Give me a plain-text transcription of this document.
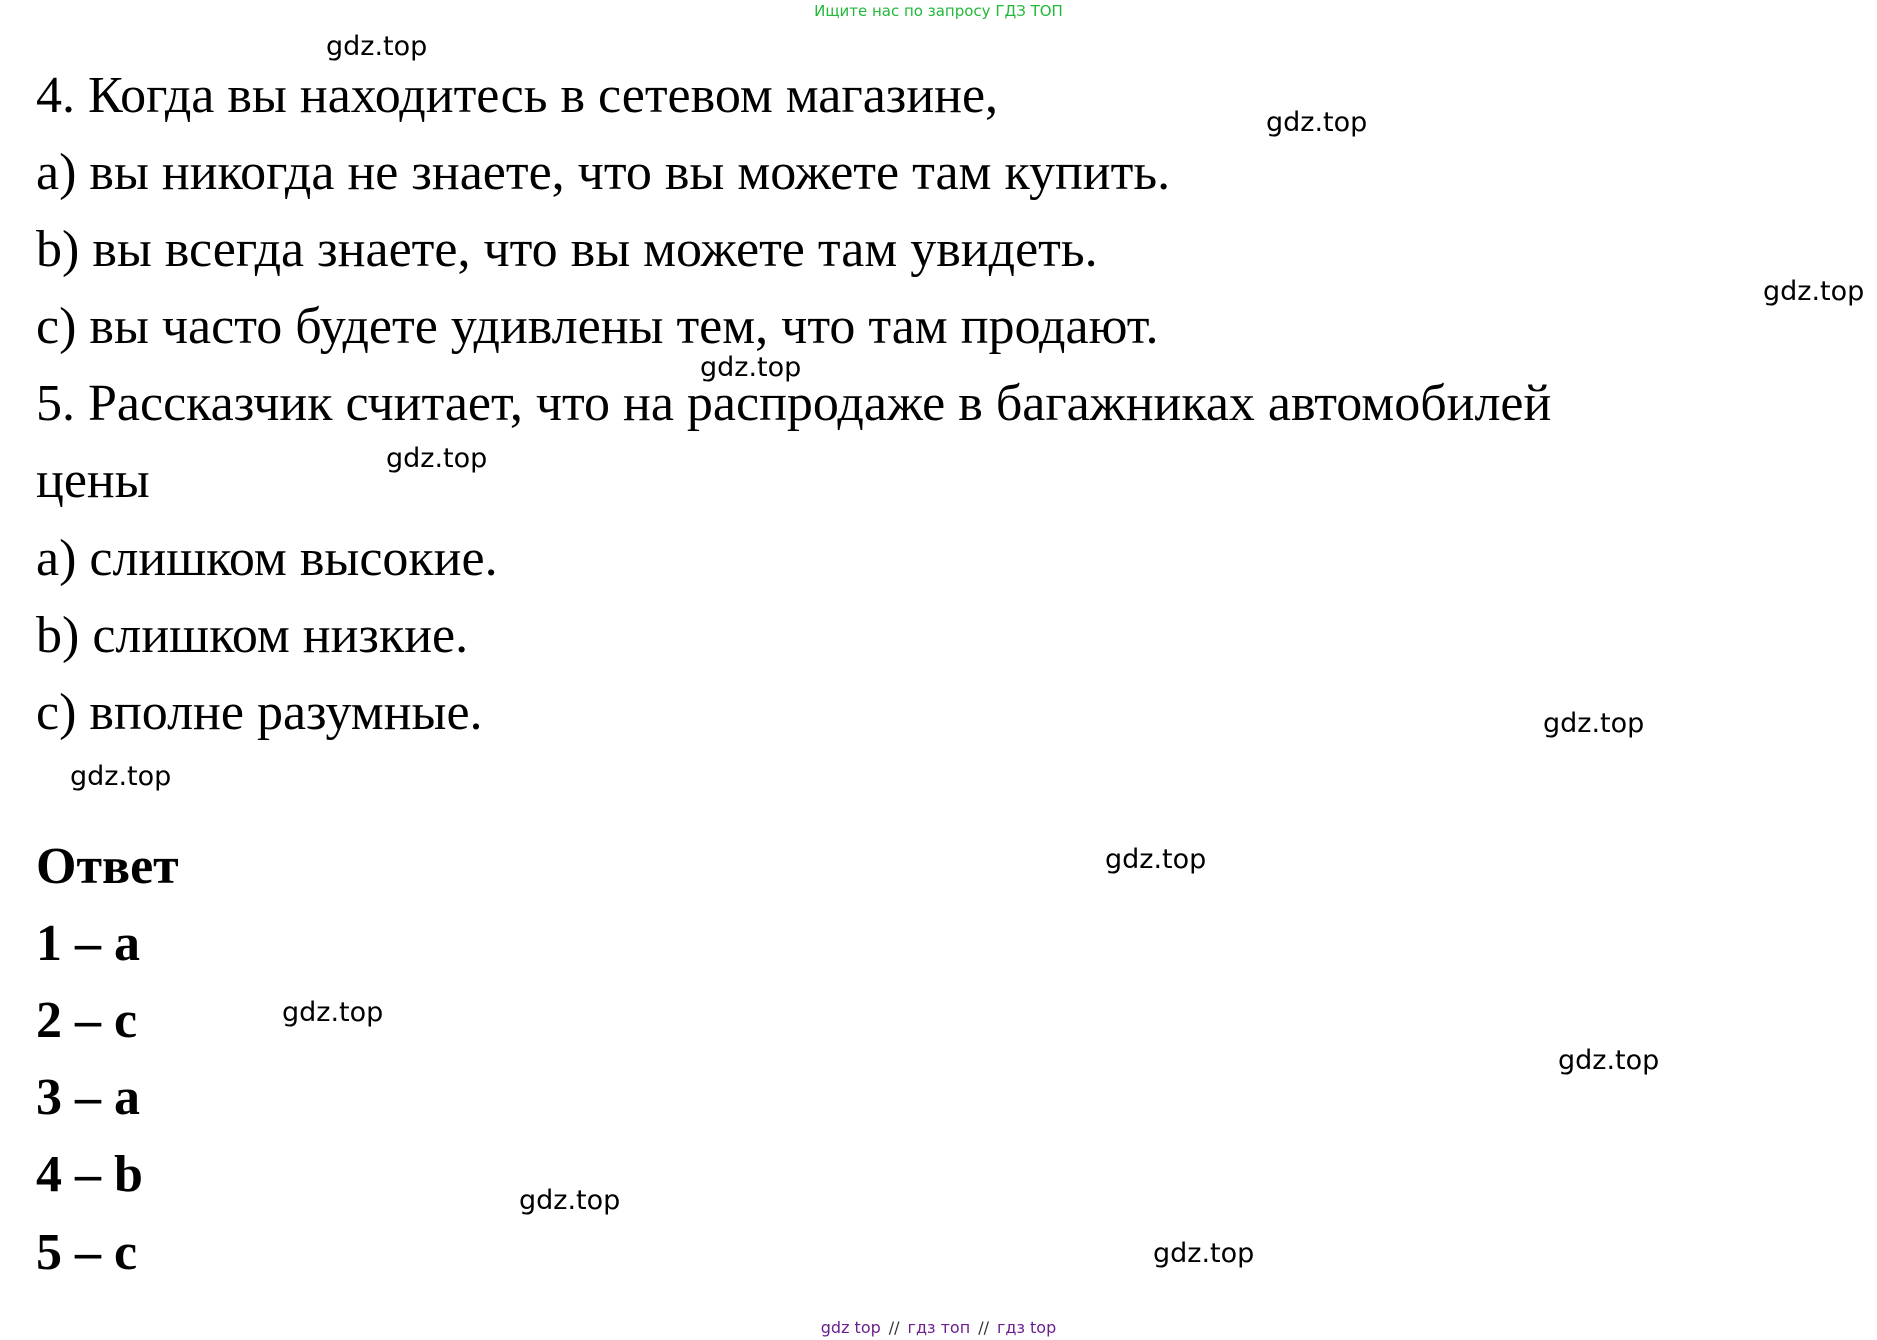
Ищите нас по запросу ГДЗ ТОП
4. Когда вы находитесь в сетевом магазине,
a) вы никогда не знаете, что вы можете там купить.
b) вы всегда знаете, что вы можете там увидеть.
c) вы часто будете удивлены тем, что там продают.
5. Рассказчик считает, что на распродаже в багажниках автомобилей
цены
a) слишком высокие.
b) слишком низкие.
c) вполне разумные.
Ответ
1 – a
2 – c
3 – a
4 – b
5 – c
gdz.top
gdz.top
gdz.top
gdz.top
gdz.top
gdz.top
gdz.top
gdz.top
gdz.top
gdz.top
gdz.top
gdz.top
gdz top // гдз топ // гдз top
